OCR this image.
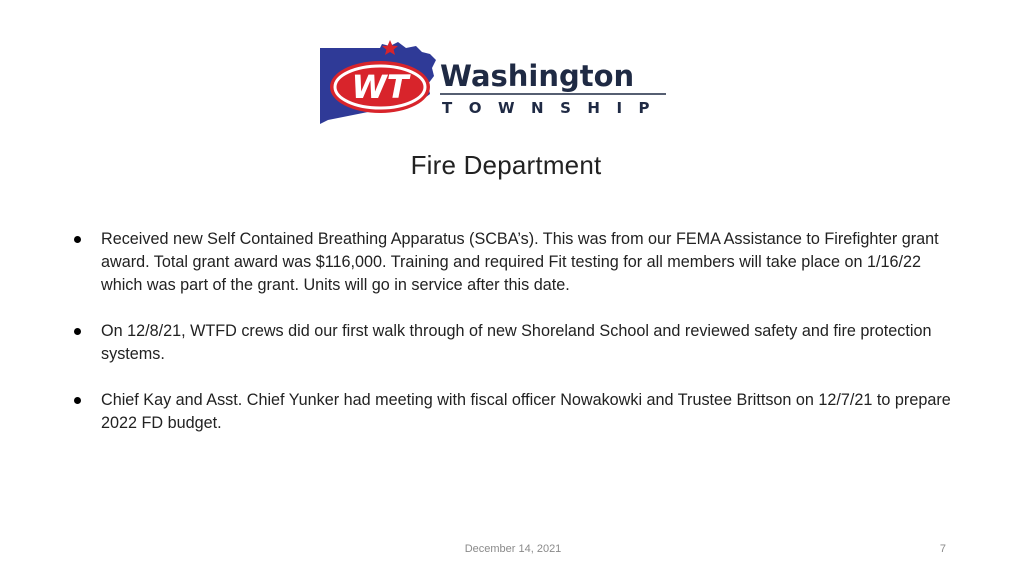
WT Washington
TOWNSHIP
Fire Department
Received new Self Contained Breathing Apparatus (SCBA’s). This was from our FEMA Assistance to Firefighter grant award. Total grant award was $116,000. Training and required Fit testing for all members will take place on 1/16/22 which was part of the grant. Units will go in service after this date.
On 12/8/21, WTFD crews did our first walk through of new Shoreland School and reviewed safety and fire protection systems.
Chief Kay and Asst. Chief Yunker had meeting with fiscal officer Nowakowki and Trustee Brittson on 12/7/21 to prepare 2022 FD budget.
December 14, 2021	7
